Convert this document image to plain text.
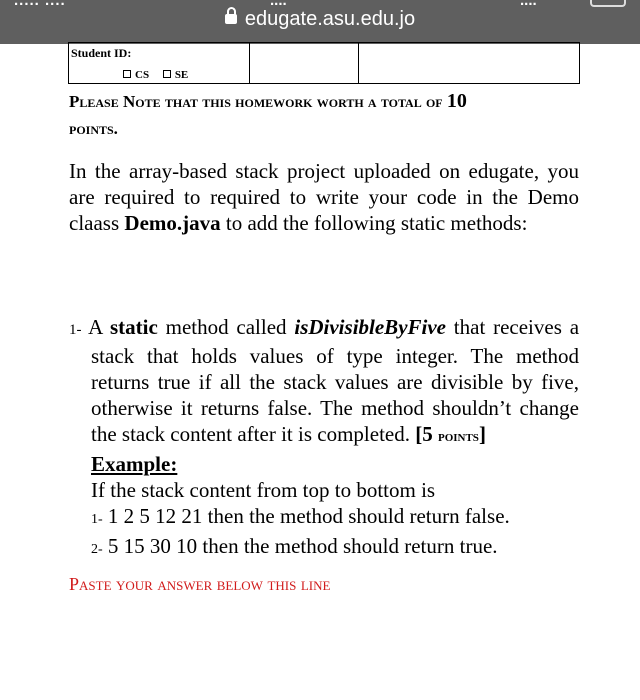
..... ....	....	....
edugate.asu.edu.jo
Student ID:
CS SE

Please Note that this homework worth a total of 10
points.
In the array-based stack project uploaded on edugate, you are required to required to write your code in the Demo claass Demo.java to add the following static methods:
1- A static method called isDivisibleByFive that receives a stack that holds values of type integer. The method returns true if all the stack values are divisible by five, otherwise it returns false. The method shouldn’t change the stack content after it is completed. [5 points]
Example:
If the stack content from top to bottom is
1- 1 2 5 12 21 then the method should return false.
2- 5 15 30 10 then the method should return true.
Paste your answer below this line
